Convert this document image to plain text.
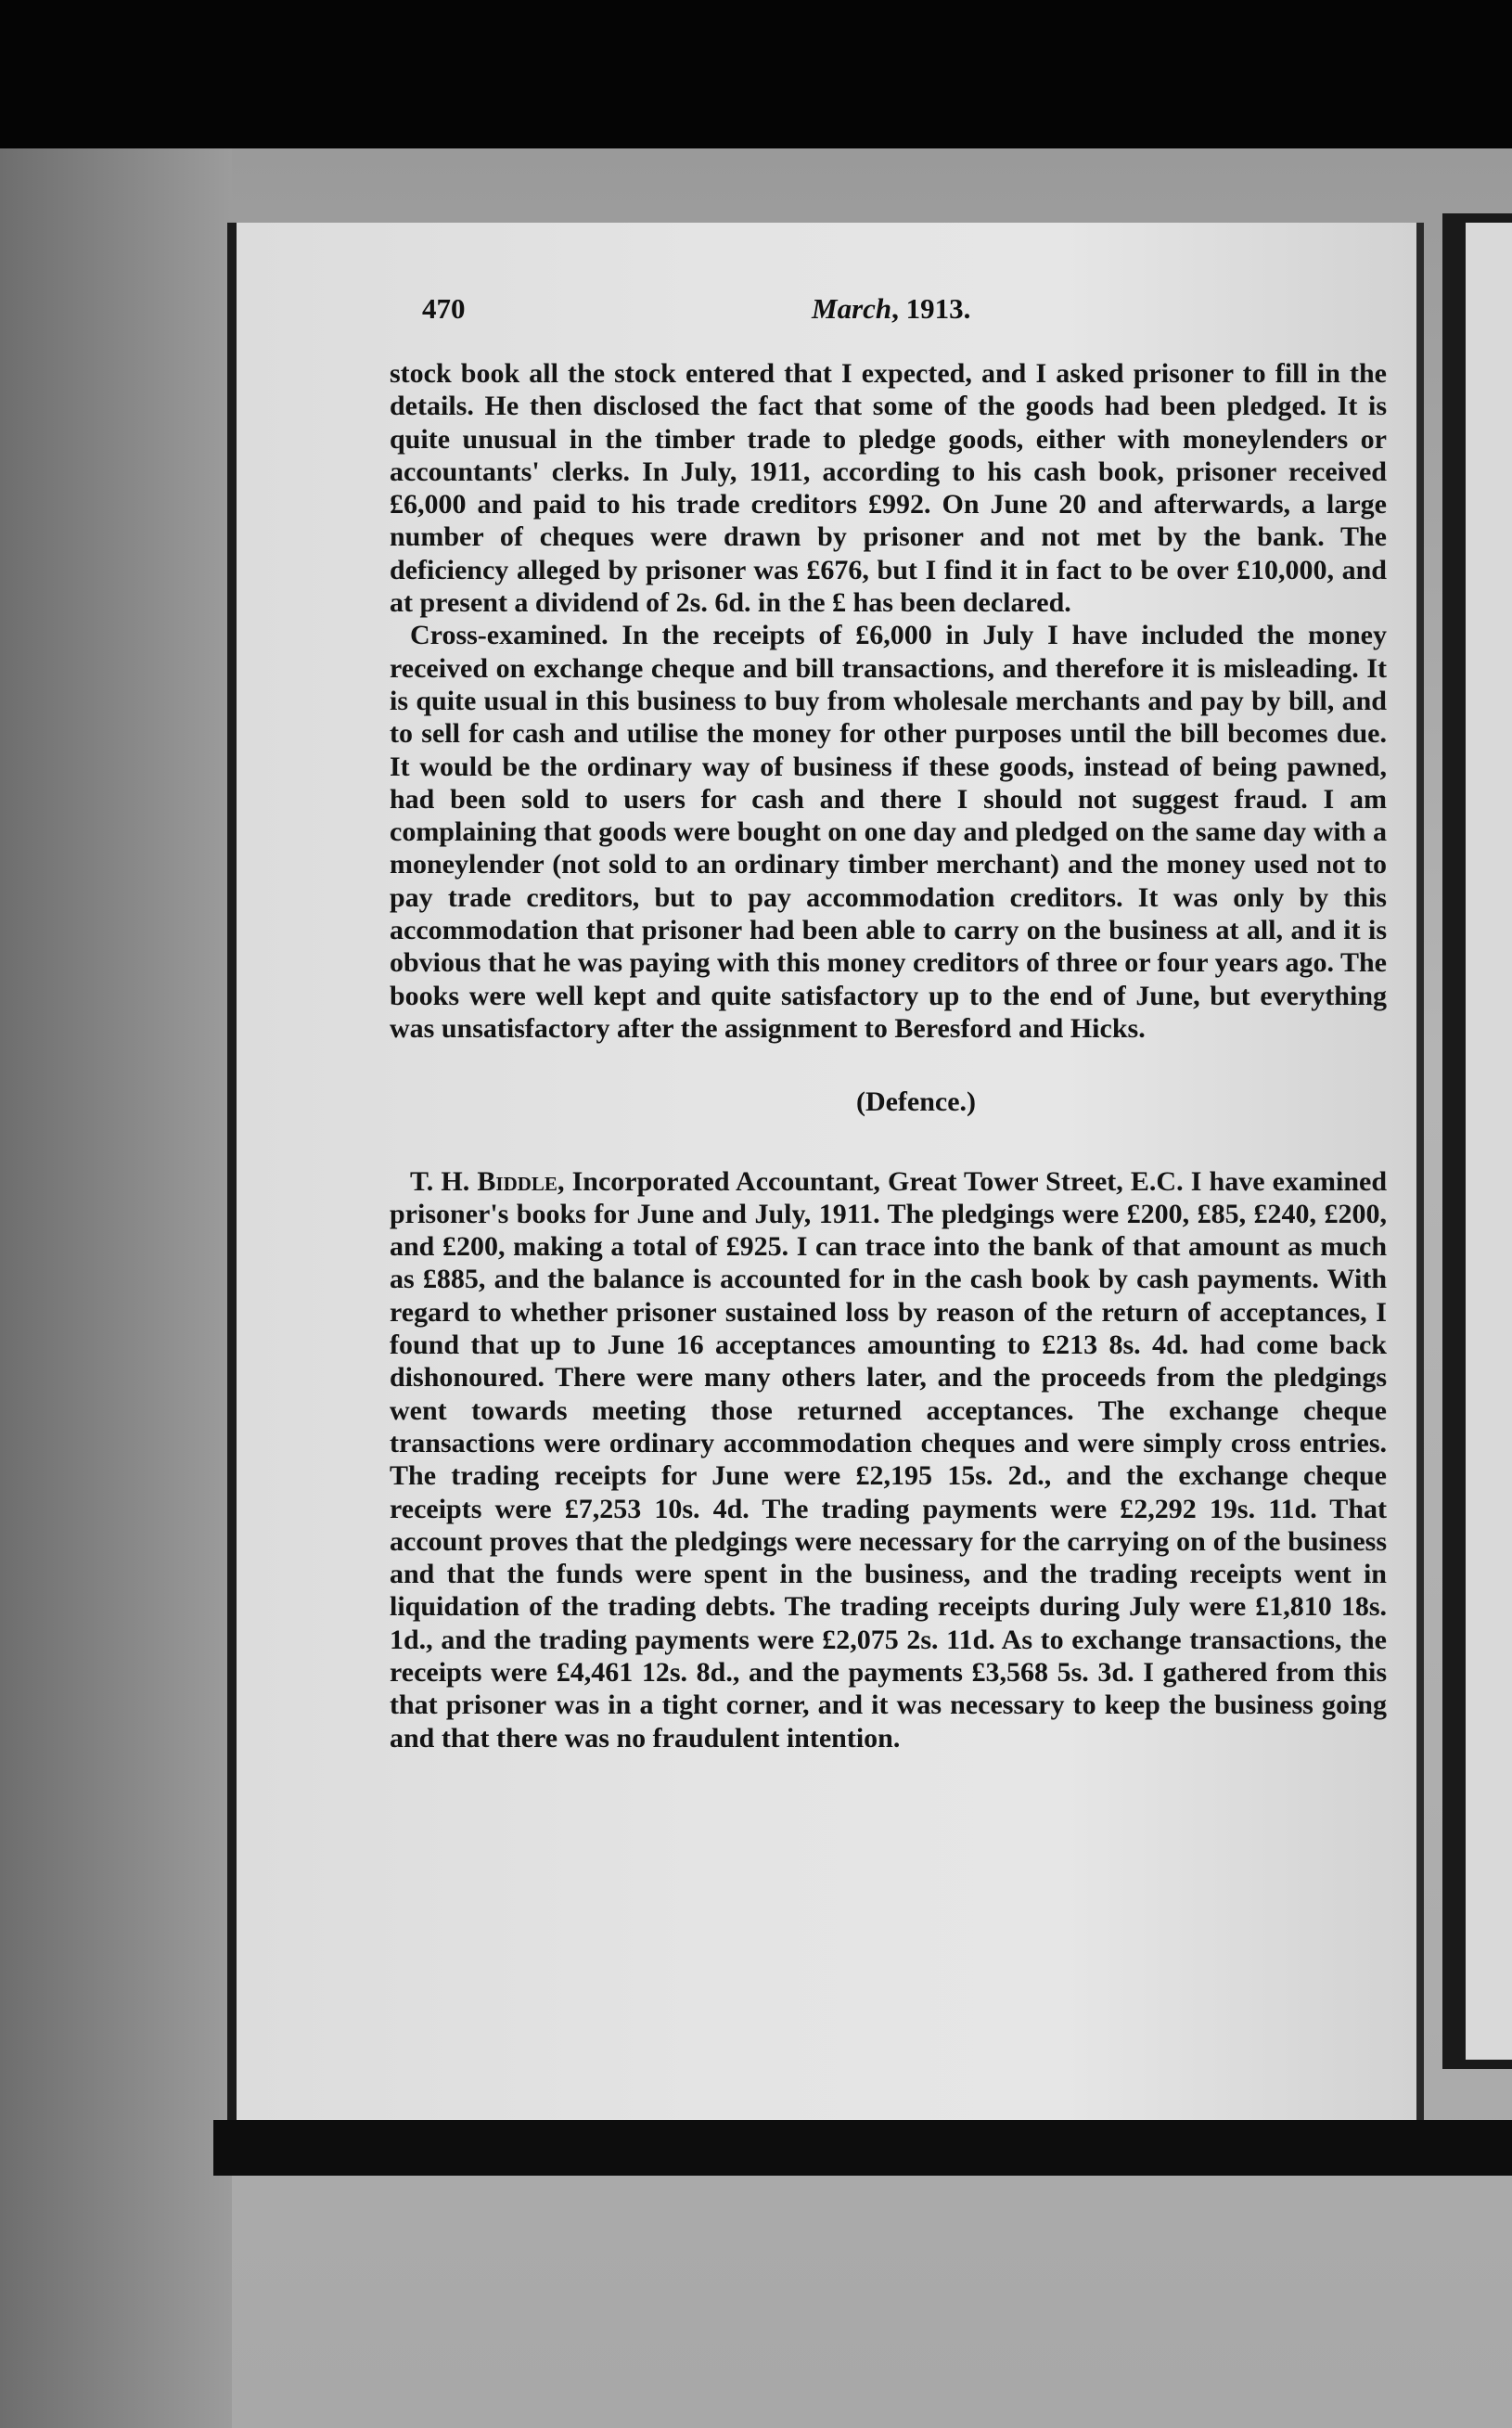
470	March, 1913.

stock book all the stock entered that I expected, and I asked prisoner to fill in the details. He then disclosed the fact that some of the goods had been pledged. It is quite unusual in the timber trade to pledge goods, either with moneylenders or accountants' clerks. In July, 1911, according to his cash book, prisoner received £6,000 and paid to his trade creditors £992. On June 20 and afterwards, a large number of cheques were drawn by prisoner and not met by the bank. The deficiency alleged by prisoner was £676, but I find it in fact to be over £10,000, and at present a dividend of 2s. 6d. in the £ has been declared.

Cross-examined. In the receipts of £6,000 in July I have included the money received on exchange cheque and bill transactions, and therefore it is misleading. It is quite usual in this business to buy from wholesale merchants and pay by bill, and to sell for cash and utilise the money for other purposes until the bill becomes due. It would be the ordinary way of business if these goods, instead of being pawned, had been sold to users for cash and there I should not suggest fraud. I am complaining that goods were bought on one day and pledged on the same day with a moneylender (not sold to an ordinary timber merchant) and the money used not to pay trade creditors, but to pay accommodation creditors. It was only by this accommodation that prisoner had been able to carry on the business at all, and it is obvious that he was paying with this money creditors of three or four years ago. The books were well kept and quite satisfactory up to the end of June, but everything was unsatisfactory after the assignment to Beresford and Hicks.

(Defence.)

T. H. Biddle, Incorporated Accountant, Great Tower Street, E.C. I have examined prisoner's books for June and July, 1911. The pledgings were £200, £85, £240, £200, and £200, making a total of £925. I can trace into the bank of that amount as much as £885, and the balance is accounted for in the cash book by cash payments. With regard to whether prisoner sustained loss by reason of the return of acceptances, I found that up to June 16 acceptances amounting to £213 8s. 4d. had come back dishonoured. There were many others later, and the proceeds from the pledgings went towards meeting those returned acceptances. The exchange cheque transactions were ordinary accommodation cheques and were simply cross entries. The trading receipts for June were £2,195 15s. 2d., and the exchange cheque receipts were £7,253 10s. 4d. The trading payments were £2,292 19s. 11d. That account proves that the pledgings were necessary for the carrying on of the business and that the funds were spent in the business, and the trading receipts went in liquidation of the trading debts. The trading receipts during July were £1,810 18s. 1d., and the trading payments were £2,075 2s. 11d. As to exchange transactions, the receipts were £4,461 12s. 8d., and the payments £3,568 5s. 3d. I gathered from this that prisoner was in a tight corner, and it was necessary to keep the business going and that there was no fraudulent intention.
